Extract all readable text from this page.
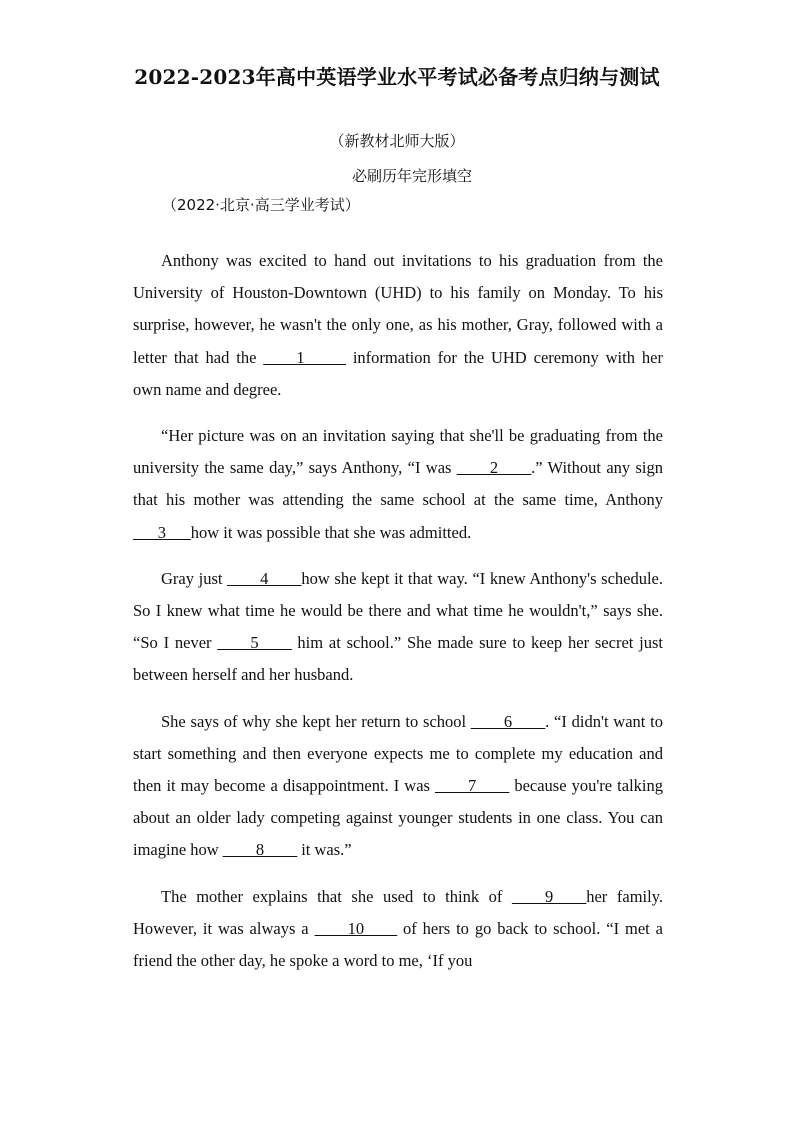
2022-2023年高中英语学业水平考试必备考点归纳与测试
（新教材北师大版）
必刷历年完形填空
（2022·北京·高三学业考试）

Anthony was excited to hand out invitations to his graduation from the University of Houston-Downtown (UHD) to his family on Monday. To his surprise, however, he wasn't the only one, as his mother, Gray, followed with a letter that had the ____1_____ information for the UHD ceremony with her own name and degree.

“Her picture was on an invitation saying that she'll be graduating from the university the same day,” says Anthony, “I was ____2____.” Without any sign that his mother was attending the same school at the same time, Anthony ___3___how it was possible that she was admitted.

Gray just ____4____how she kept it that way. “I knew Anthony's schedule. So I knew what time he would be there and what time he wouldn't,” says she. “So I never ____5____ him at school.” She made sure to keep her secret just between herself and her husband.

She says of why she kept her return to school ____6____. “I didn't want to start something and then everyone expects me to complete my education and then it may become a disappointment. I was ____7____ because you're talking about an older lady competing against younger students in one class. You can imagine how ____8____ it was.”

The mother explains that she used to think of ____9____her family. However, it was always a ____10____ of hers to go back to school. “I met a friend the other day, he spoke a word to me, ‘If you
